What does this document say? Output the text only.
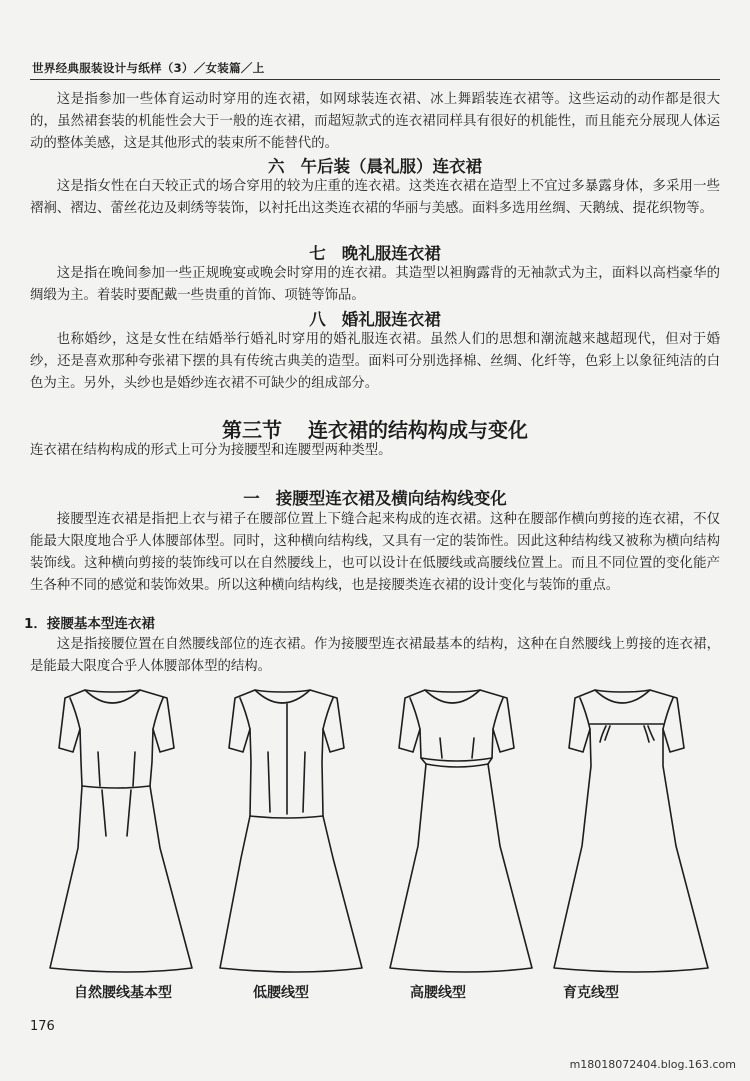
世界经典服装设计与纸样（3）／女装篇／上

这是指参加一些体育运动时穿用的连衣裙，如网球装连衣裙、冰上舞蹈装连衣裙等。这些运动的动作都是很大的，虽然裙套装的机能性会大于一般的连衣裙，而超短款式的连衣裙同样具有很好的机能性，而且能充分展现人体运动的整体美感，这是其他形式的装束所不能替代的。

六 午后装（晨礼服）连衣裙

这是指女性在白天较正式的场合穿用的较为庄重的连衣裙。这类连衣裙在造型上不宜过多暴露身体，多采用一些褶裥、褶边、蕾丝花边及刺绣等装饰，以衬托出这类连衣裙的华丽与美感。面料多选用丝绸、天鹅绒、提花织物等。

七 晚礼服连衣裙

这是指在晚间参加一些正规晚宴或晚会时穿用的连衣裙。其造型以袒胸露背的无袖款式为主，面料以高档豪华的绸缎为主。着装时要配戴一些贵重的首饰、项链等饰品。

八 婚礼服连衣裙

也称婚纱，这是女性在结婚举行婚礼时穿用的婚礼服连衣裙。虽然人们的思想和潮流越来越超现代，但对于婚纱，还是喜欢那种夸张裙下摆的具有传统古典美的造型。面料可分别选择棉、丝绸、化纤等，色彩上以象征纯洁的白色为主。另外，头纱也是婚纱连衣裙不可缺少的组成部分。

第三节 连衣裙的结构构成与变化

连衣裙在结构构成的形式上可分为接腰型和连腰型两种类型。

一 接腰型连衣裙及横向结构线变化

接腰型连衣裙是指把上衣与裙子在腰部位置上下缝合起来构成的连衣裙。这种在腰部作横向剪接的连衣裙，不仅能最大限度地合乎人体腰部体型。同时，这种横向结构线，又具有一定的装饰性。因此这种结构线又被称为横向结构装饰线。这种横向剪接的装饰线可以在自然腰线上，也可以设计在低腰线或高腰线位置上。而且不同位置的变化能产生各种不同的感觉和装饰效果。所以这种横向结构线，也是接腰类连衣裙的设计变化与装饰的重点。

1．接腰基本型连衣裙

这是指接腰位置在自然腰线部位的连衣裙。作为接腰型连衣裙最基本的结构，这种在自然腰线上剪接的连衣裙，是能最大限度合乎人体腰部体型的结构。

自然腰线基本型	低腰线型	高腰线型	育克线型
176
m18018072404.blog.163.com
